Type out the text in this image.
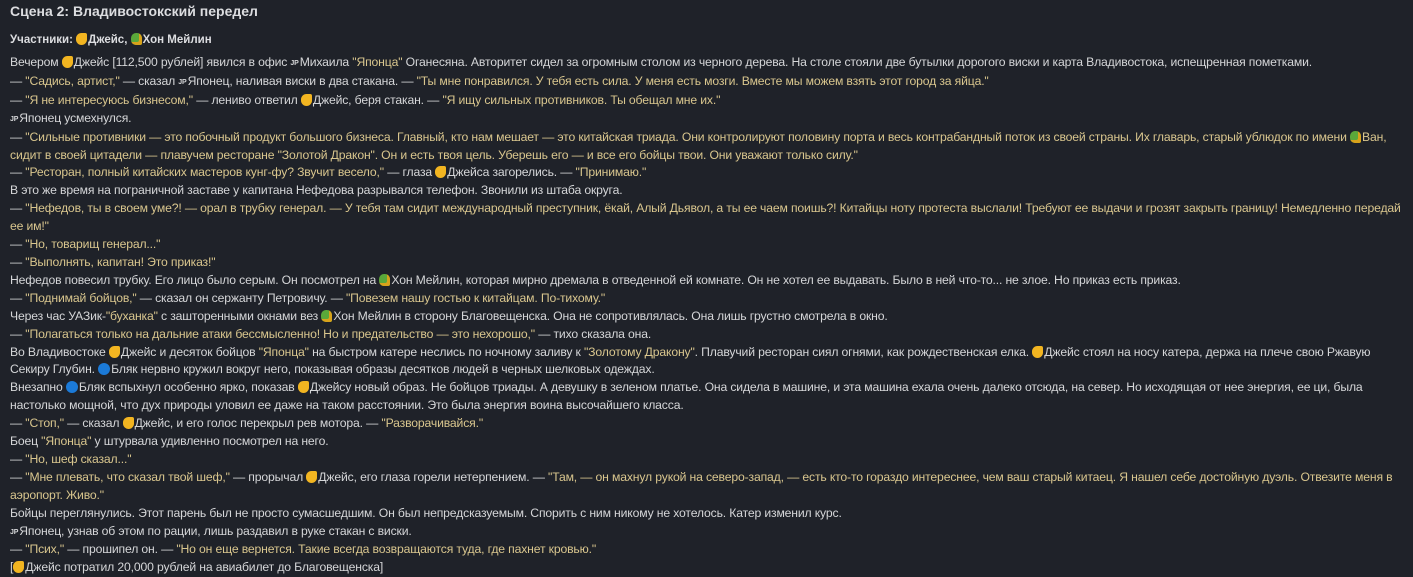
Сцена 2: Владивостокский передел
Участники: Джейс, Хон Мейлин

Вечером Джейс [112,500 рублей] явился в офис JPМихаила "Японца" Оганесяна. Авторитет сидел за огромным столом из черного дерева. На столе стояли две бутылки дорогого виски и карта Владивостока, испещренная пометками.

— "Садись, артист," — сказал JPЯпонец, наливая виски в два стакана. — "Ты мне понравился. У тебя есть сила. У меня есть мозги. Вместе мы можем взять этот город за яйца."

— "Я не интересуюсь бизнесом," — лениво ответил Джейс, беря стакан. — "Я ищу сильных противников. Ты обещал мне их."

JPЯпонец усмехнулся.

— "Сильные противники — это побочный продукт большого бизнеса. Главный, кто нам мешает — это китайская триада. Они контролируют половину порта и весь контрабандный поток из своей страны. Их главарь, старый ублюдок по имени Ван, сидит в своей цитадели — плавучем ресторане "Золотой Дракон". Он и есть твоя цель. Уберешь его — и все его бойцы твои. Они уважают только силу."

— "Ресторан, полный китайских мастеров кунг-фу? Звучит весело," — глаза Джейса загорелись. — "Принимаю."

В это же время на пограничной заставе у капитана Нефедова разрывался телефон. Звонили из штаба округа.

— "Нефедов, ты в своем уме?! — орал в трубку генерал. — У тебя там сидит международный преступник, ёкай, Алый Дьявол, а ты ее чаем поишь?! Китайцы ноту протеста выслали! Требуют ее выдачи и грозят закрыть границу! Немедленно передай ее им!"

— "Но, товарищ генерал..."

— "Выполнять, капитан! Это приказ!"

Нефедов повесил трубку. Его лицо было серым. Он посмотрел на Хон Мейлин, которая мирно дремала в отведенной ей комнате. Он не хотел ее выдавать. Было в ней что-то... не злое. Но приказ есть приказ.

— "Поднимай бойцов," — сказал он сержанту Петровичу. — "Повезем нашу гостью к китайцам. По-тихому."

Через час УАЗик-"буханка" с зашторенными окнами вез Хон Мейлин в сторону Благовещенска. Она не сопротивлялась. Она лишь грустно смотрела в окно.

— "Полагаться только на дальние атаки бессмысленно! Но и предательство — это нехорошо," — тихо сказала она.

Во Владивостоке Джейс и десяток бойцов "Японца" на быстром катере неслись по ночному заливу к "Золотому Дракону". Плавучий ресторан сиял огнями, как рождественская елка. Джейс стоял на носу катера, держа на плече свою Ржавую Секиру Глубин. Бляк нервно кружил вокруг него, показывая образы десятков людей в черных шелковых одеждах.

Внезапно Бляк вспыхнул особенно ярко, показав Джейсу новый образ. Не бойцов триады. А девушку в зеленом платье. Она сидела в машине, и эта машина ехала очень далеко отсюда, на север. Но исходящая от нее энергия, ее ци, была настолько мощной, что дух природы уловил ее даже на таком расстоянии. Это была энергия воина высочайшего класса.

— "Стоп," — сказал Джейс, и его голос перекрыл рев мотора. — "Разворачивайся."

Боец "Японца" у штурвала удивленно посмотрел на него.

— "Но, шеф сказал..."

— "Мне плевать, что сказал твой шеф," — прорычал Джейс, его глаза горели нетерпением. — "Там, — он махнул рукой на северо-запад, — есть кто-то гораздо интереснее, чем ваш старый китаец. Я нашел себе достойную дуэль. Отвезите меня в аэропорт. Живо."

Бойцы переглянулись. Этот парень был не просто сумасшедшим. Он был непредсказуемым. Спорить с ним никому не хотелось. Катер изменил курс.

JPЯпонец, узнав об этом по рации, лишь раздавил в руке стакан с виски.

— "Псих," — прошипел он. — "Но он еще вернется. Такие всегда возвращаются туда, где пахнет кровью."

[ Джейс потратил 20,000 рублей на авиабилет до Благовещенска]
